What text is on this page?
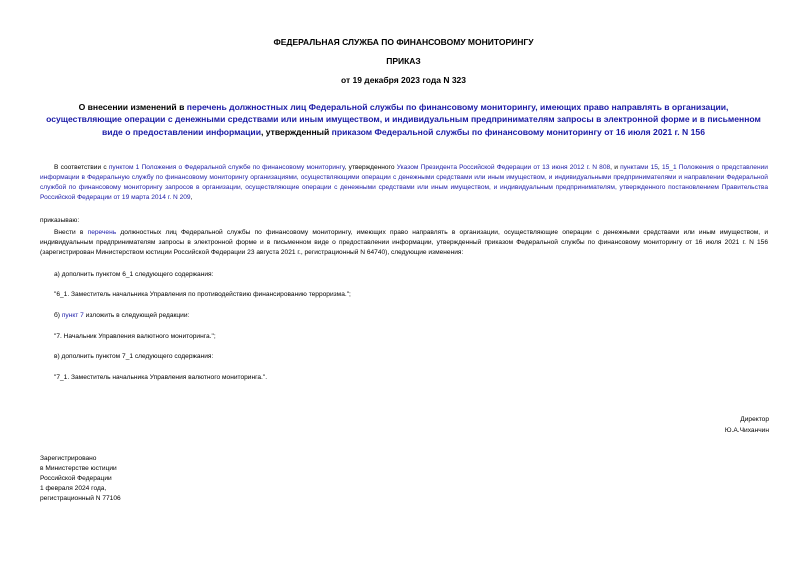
ФЕДЕРАЛЬНАЯ СЛУЖБА ПО ФИНАНСОВОМУ МОНИТОРИНГУ
ПРИКАЗ
от 19 декабря 2023 года N 323
О внесении изменений в перечень должностных лиц Федеральной службы по финансовому мониторингу, имеющих право направлять в организации, осуществляющие операции с денежными средствами или иным имуществом, и индивидуальным предпринимателям запросы в электронной форме и в письменном виде о предоставлении информации, утвержденный приказом Федеральной службы по финансовому мониторингу от 16 июля 2021 г. N 156
В соответствии с пунктом 1 Положения о Федеральной службе по финансовому мониторингу, утвержденного Указом Президента Российской Федерации от 13 июня 2012 г. N 808, и пунктами 15, 15_1 Положения о представлении информации в Федеральную службу по финансовому мониторингу организациями, осуществляющими операции с денежными средствами или иным имуществом, и индивидуальными предпринимателями и направлении Федеральной службой по финансовому мониторингу запросов в организации, осуществляющие операции с денежными средствами или иным имуществом, и индивидуальным предпринимателям, утвержденного постановлением Правительства Российской Федерации от 19 марта 2014 г. N 209,
приказываю:
Внести в перечень должностных лиц Федеральной службы по финансовому мониторингу, имеющих право направлять в организации, осуществляющие операции с денежными средствами или иным имуществом, и индивидуальным предпринимателям запросы в электронной форме и в письменном виде о предоставлении информации, утвержденный приказом Федеральной службы по финансовому мониторингу от 16 июля 2021 г. N 156 (зарегистрирован Министерством юстиции Российской Федерации 23 августа 2021 г., регистрационный N 64740), следующие изменения:
а) дополнить пунктом 6_1 следующего содержания:
"6_1. Заместитель начальника Управления по противодействию финансированию терроризма.";
б) пункт 7 изложить в следующей редакции:
"7. Начальник Управления валютного мониторинга.";
в) дополнить пунктом 7_1 следующего содержания:
"7_1. Заместитель начальника Управления валютного мониторинга.".
Директор
Ю.А.Чиханчин
Зарегистрировано
в Министерстве юстиции
Российской Федерации
1 февраля 2024 года,
регистрационный N 77106
